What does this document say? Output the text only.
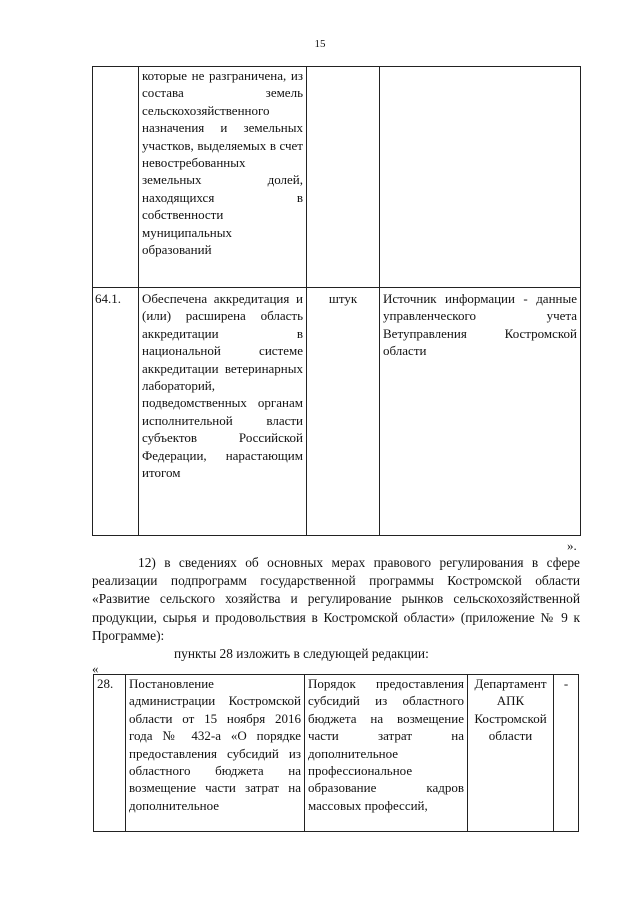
15
	которые не разграничена, из состава земель сельскохозяйственного назначения и земельных участков, выделяемых в счет невостребованных земельных долей, находящихся в собственности муниципальных образований		
64.1.	Обеспечена аккредитация и (или) расширена область аккредитации в национальной системе аккредитации ветеринарных лабораторий, подведомственных органам исполнительной власти субъектов Российской Федерации, нарастающим итогом	штук	Источник информации - данные управленческого учета Ветуправления Костромской области
».

12) в сведениях об основных мерах правового регулирования в сфере реализации подпрограмм государственной программы Костромской области «Развитие сельского хозяйства и регулирование рынков сельскохозяйственной продукции, сырья и продовольствия в Костромской области» (приложение № 9 к Программе):

пункты 28 изложить в следующей редакции:

«
28.	Постановление администрации Костромской области от 15 ноября 2016 года № 432-а «О порядке предоставления субсидий из областного бюджета на возмещение части затрат на дополнительное	Порядок предоставления субсидий из областного бюджета на возмещение части затрат на дополнительное профессиональное образование кадров массовых профессий,	Департамент АПК Костромской области	-
